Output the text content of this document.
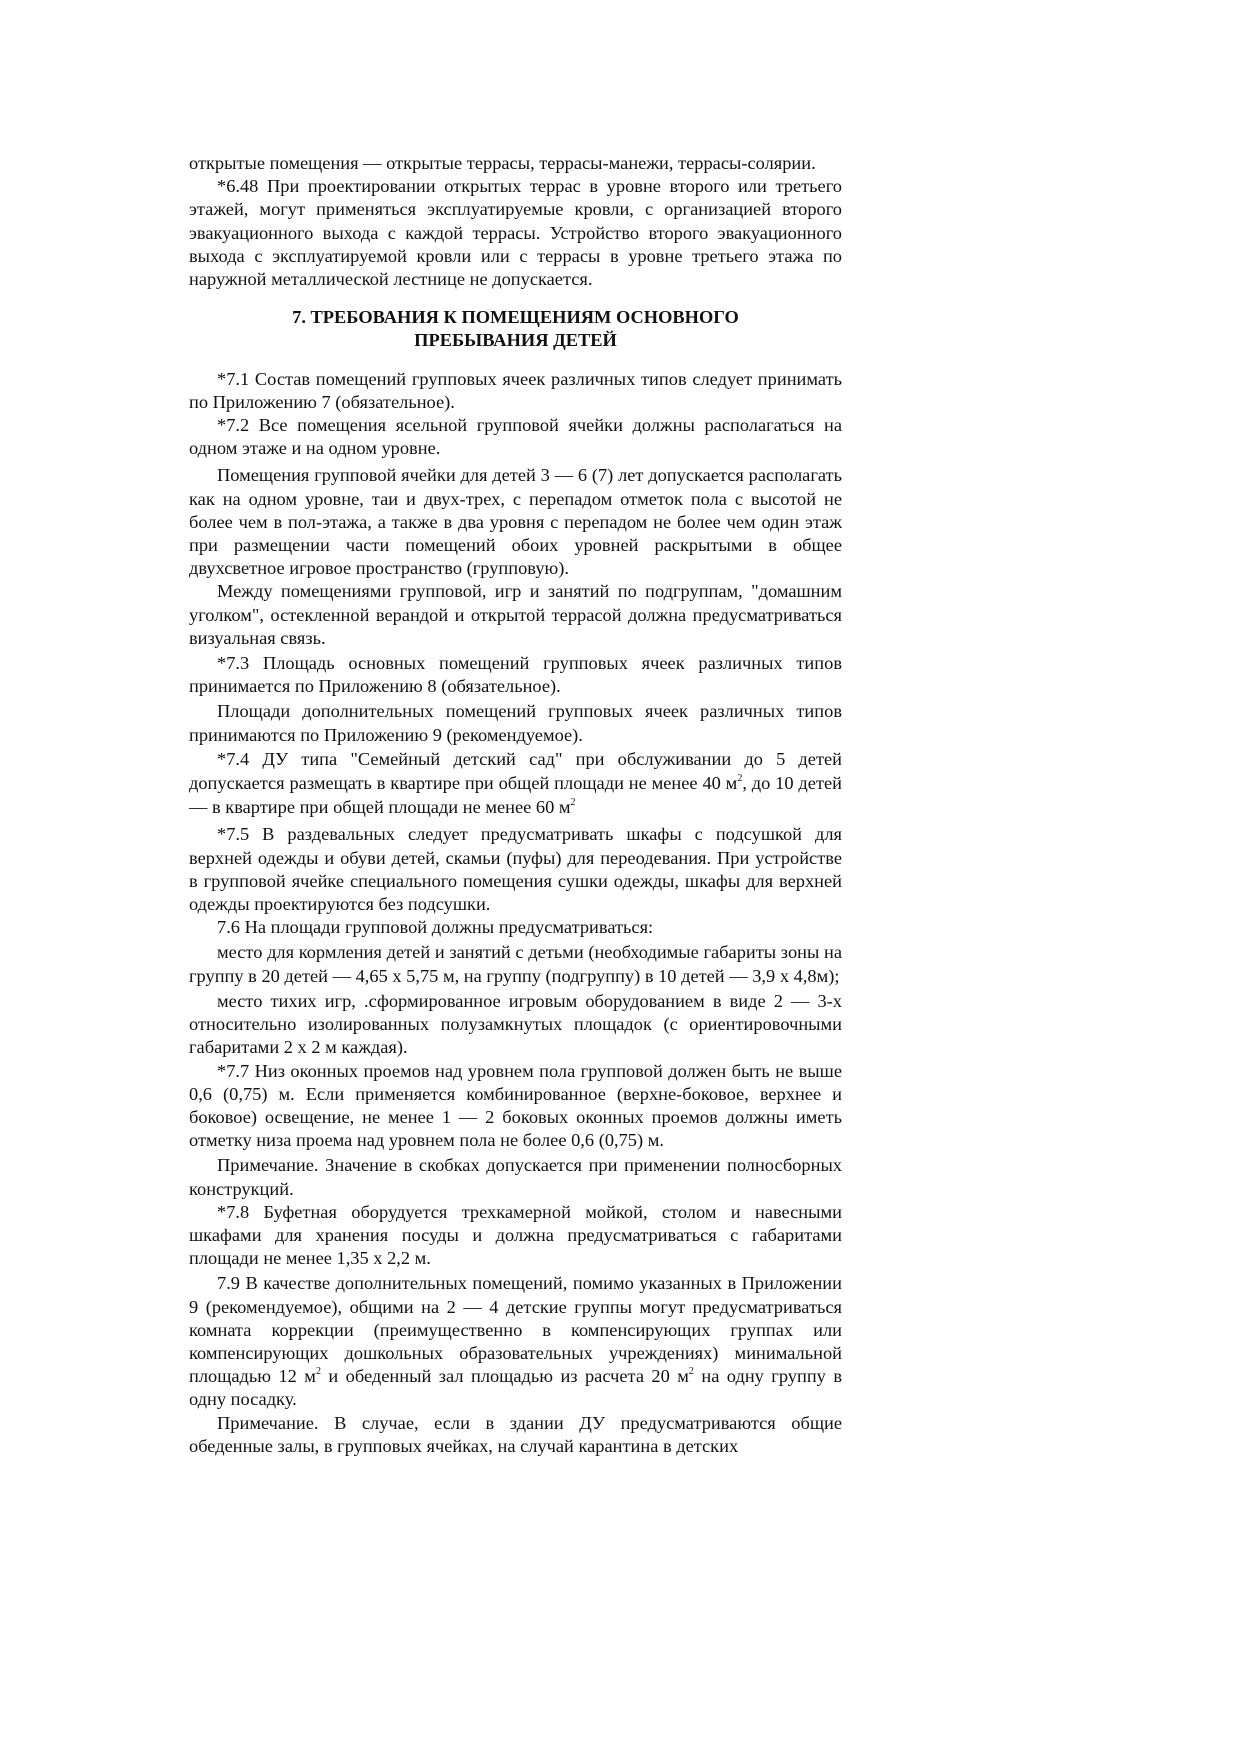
открытые помещения — открытые террасы, террасы-манежи, террасы-солярии.

*6.48 При проектировании открытых террас в уровне второго или третьего этажей, могут применяться эксплуатируемые кровли, с организацией второго эвакуационного выхода с каждой террасы. Устройство второго эвакуационного выхода с эксплуатируемой кровли или с террасы в уровне третьего этажа по наружной металлической лестнице не допускается.

7. ТРЕБОВАНИЯ К ПОМЕЩЕНИЯМ ОСНОВНОГО
ПРЕБЫВАНИЯ ДЕТЕЙ

*7.1 Состав помещений групповых ячеек различных типов следует принимать по Приложению 7 (обязательное).

*7.2 Все помещения ясельной групповой ячейки должны располагаться на одном этаже и на одном уровне.

Помещения групповой ячейки для детей 3 — 6 (7) лет допускается располагать как на одном уровне, таи и двух-трех, с перепадом отметок пола с высотой не более чем в пол-этажа, а также в два уровня с перепадом не более чем один этаж при размещении части помещений обоих уровней раскрытыми в общее двухсветное игровое пространство (групповую).

Между помещениями групповой, игр и занятий по подгруппам, "домашним уголком", остекленной верандой и открытой террасой должна предусматриваться визуальная связь.

*7.3 Площадь основных помещений групповых ячеек различных типов принимается по Приложению 8 (обязательное).

Площади дополнительных помещений групповых ячеек различных типов принимаются по Приложению 9 (рекомендуемое).

*7.4 ДУ типа "Семейный детский сад" при обслуживании до 5 детей допускается размещать в квартире при общей площади не менее 40 $м^2$, до 10 детей — в квартире при общей площади не менее 60 $м^2$

*7.5 В раздевальных следует предусматривать шкафы с подсушкой для верхней одежды и обуви детей, скамьи (пуфы) для переодевания. При устройстве в групповой ячейке специального помещения сушки одежды, шкафы для верхней одежды проектируются без подсушки.

7.6 На площади групповой должны предусматриваться:

место для кормления детей и занятий с детьми (необходимые габариты зоны на группу в 20 детей — 4,65 х 5,75 м, на группу (подгруппу) в 10 детей — 3,9 х 4,8м);

место тихих игр, .сформированное игровым оборудованием в виде 2 — 3-х относительно изолированных полузамкнутых площадок (с ориентировочными габаритами 2 х 2 м каждая).

*7.7 Низ оконных проемов над уровнем пола групповой должен быть не выше 0,6 (0,75) м. Если применяется комбинированное (верхне-боковое, верхнее и боковое) освещение, не менее 1 — 2 боковых оконных проемов должны иметь отметку низа проема над уровнем пола не более 0,6 (0,75) м.

Примечание. Значение в скобках допускается при применении полносборных конструкций.

*7.8 Буфетная оборудуется трехкамерной мойкой, столом и навесными шкафами для хранения посуды и должна предусматриваться с габаритами площади не менее 1,35 х 2,2 м.

7.9 В качестве дополнительных помещений, помимо указанных в Приложении 9 (рекомендуемое), общими на 2 — 4 детские группы могут предусматриваться комната коррекции (преимущественно в компенсирующих группах или компенсирующих дошкольных образовательных учреждениях) минимальной площадью 12 $м^2$ и обеденный зал площадью из расчета 20 $м^2$ на одну группу в одну посадку.

Примечание. В случае, если в здании ДУ предусматриваются общие обеденные залы, в групповых ячейках, на случай карантина в детских
